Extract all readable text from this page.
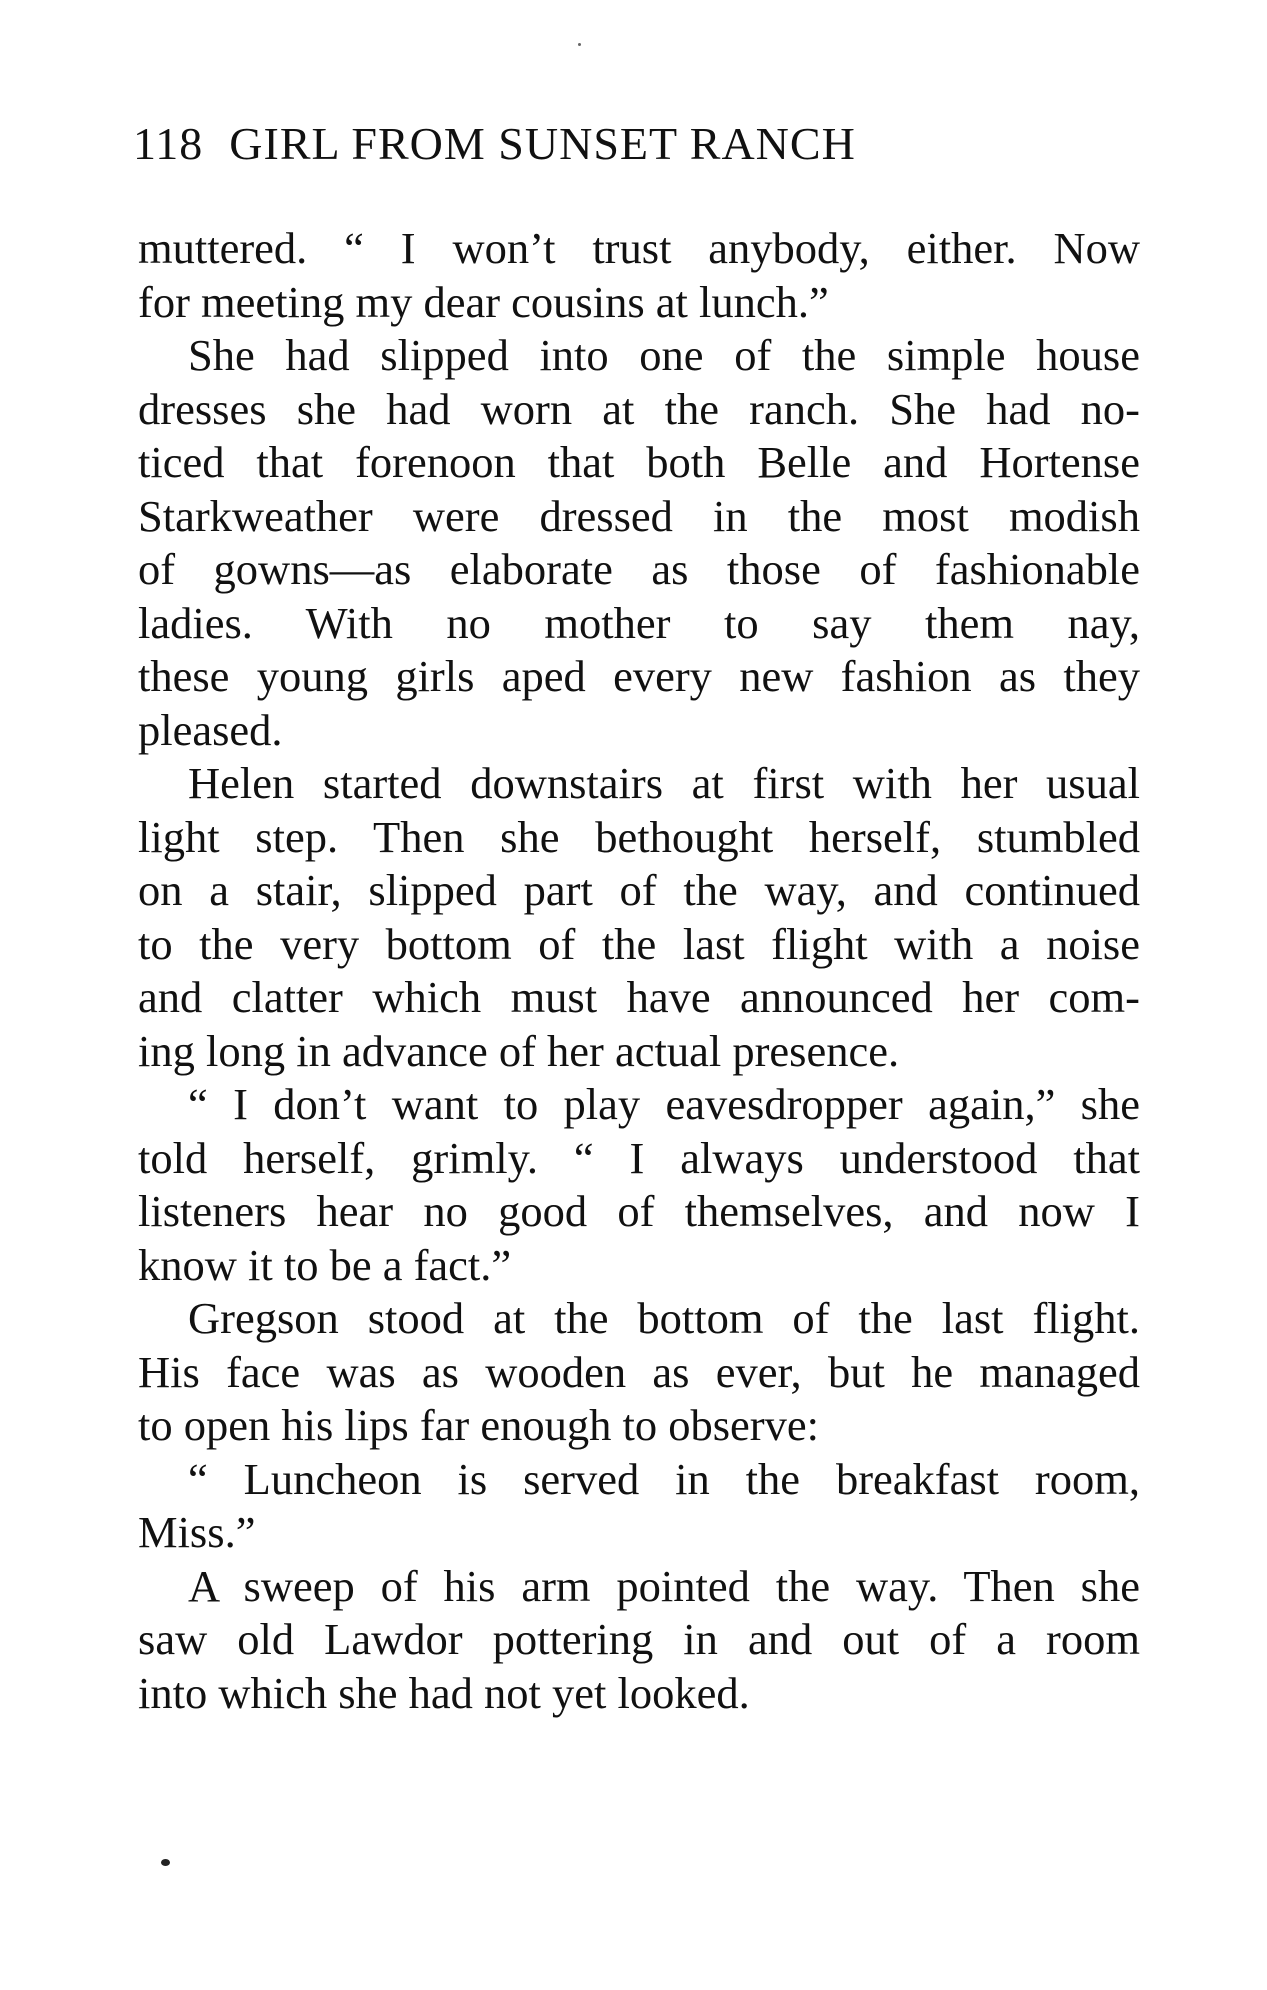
118 GIRL FROM SUNSET RANCH
muttered. “ I won’t trust anybody, either. Now
for meeting my dear cousins at lunch.”
She had slipped into one of the simple house
dresses she had worn at the ranch. She had no-
ticed that forenoon that both Belle and Hortense
Starkweather were dressed in the most modish
of gowns—as elaborate as those of fashionable
ladies. With no mother to say them nay,
these young girls aped every new fashion as they
pleased.
Helen started downstairs at first with her usual
light step. Then she bethought herself, stumbled
on a stair, slipped part of the way, and continued
to the very bottom of the last flight with a noise
and clatter which must have announced her com-
ing long in advance of her actual presence.
“ I don’t want to play eavesdropper again,” she
told herself, grimly. “ I always understood that
listeners hear no good of themselves, and now I
know it to be a fact.”
Gregson stood at the bottom of the last flight.
His face was as wooden as ever, but he managed
to open his lips far enough to observe:
“ Luncheon is served in the breakfast room,
Miss.”
A sweep of his arm pointed the way. Then she
saw old Lawdor pottering in and out of a room
into which she had not yet looked.
